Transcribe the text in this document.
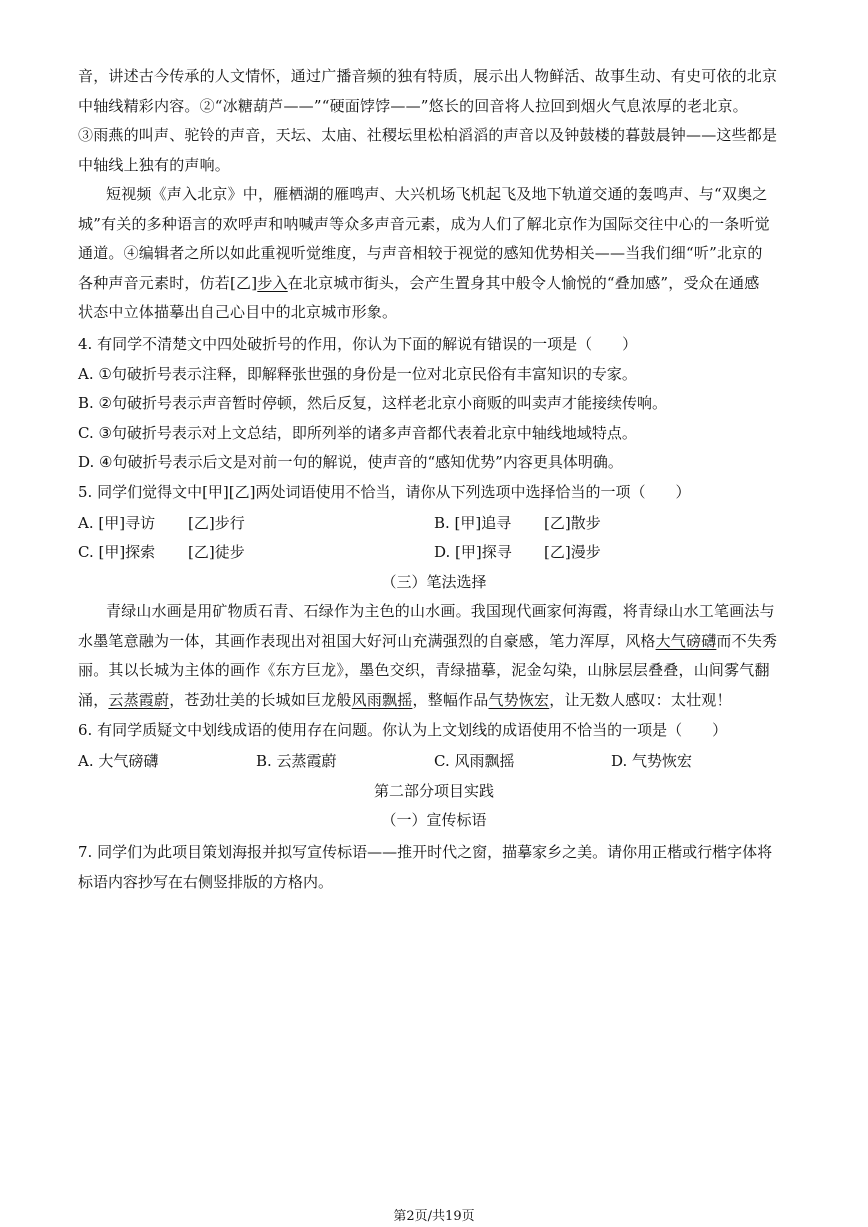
音，讲述古今传承的人文情怀，通过广播音频的独有特质，展示出人物鲜活、故事生动、有史可依的北京
中轴线精彩内容。②“冰糖葫芦——”“硬面饽饽——”悠长的回音将人拉回到烟火气息浓厚的老北京。
③雨燕的叫声、驼铃的声音，天坛、太庙、社稷坛里松柏滔滔的声音以及钟鼓楼的暮鼓晨钟——这些都是
中轴线上独有的声响。
短视频《声入北京》中，雁栖湖的雁鸣声、大兴机场飞机起飞及地下轨道交通的轰鸣声、与“双奥之
城”有关的多种语言的欢呼声和呐喊声等众多声音元素，成为人们了解北京作为国际交往中心的一条听觉
通道。④编辑者之所以如此重视听觉维度，与声音相较于视觉的感知优势相关——当我们细“听”北京的
各种声音元素时，仿若[乙]步入在北京城市街头，会产生置身其中般令人愉悦的“叠加感”，受众在通感
状态中立体描摹出自己心目中的北京城市形象。
4. 有同学不清楚文中四处破折号的作用，你认为下面的解说有错误的一项是（　　）
A. ①句破折号表示注释，即解释张世强的身份是一位对北京民俗有丰富知识的专家。
B. ②句破折号表示声音暂时停顿，然后反复，这样老北京小商贩的叫卖声才能接续传响。
C. ③句破折号表示对上文总结，即所列举的诸多声音都代表着北京中轴线地域特点。
D. ④句破折号表示后文是对前一句的解说，使声音的“感知优势”内容更具体明确。
5. 同学们觉得文中[甲][乙]两处词语使用不恰当，请你从下列选项中选择恰当的一项（　　）
A. [甲]寻访 [乙]步行	B. [甲]追寻 [乙]散步
C. [甲]探索 [乙]徒步	D. [甲]探寻 [乙]漫步
（三）笔法选择
青绿山水画是用矿物质石青、石绿作为主色的山水画。我国现代画家何海霞，将青绿山水工笔画法与
水墨笔意融为一体，其画作表现出对祖国大好河山充满强烈的自豪感，笔力浑厚，风格大气磅礴而不失秀
丽。其以长城为主体的画作《东方巨龙》，墨色交织，青绿描摹，泥金勾染，山脉层层叠叠，山间雾气翻
涌，云蒸霞蔚，苍劲壮美的长城如巨龙般风雨飘摇，整幅作品气势恢宏，让无数人感叹：太壮观！
6. 有同学质疑文中划线成语的使用存在问题。你认为上文划线的成语使用不恰当的一项是（　　）
A. 大气磅礴	B. 云蒸霞蔚	C. 风雨飘摇	D. 气势恢宏
第二部分项目实践
（一）宣传标语
7. 同学们为此项目策划海报并拟写宣传标语——推开时代之窗，描摹家乡之美。请你用正楷或行楷字体将
标语内容抄写在右侧竖排版的方格内。
第2页/共19页
